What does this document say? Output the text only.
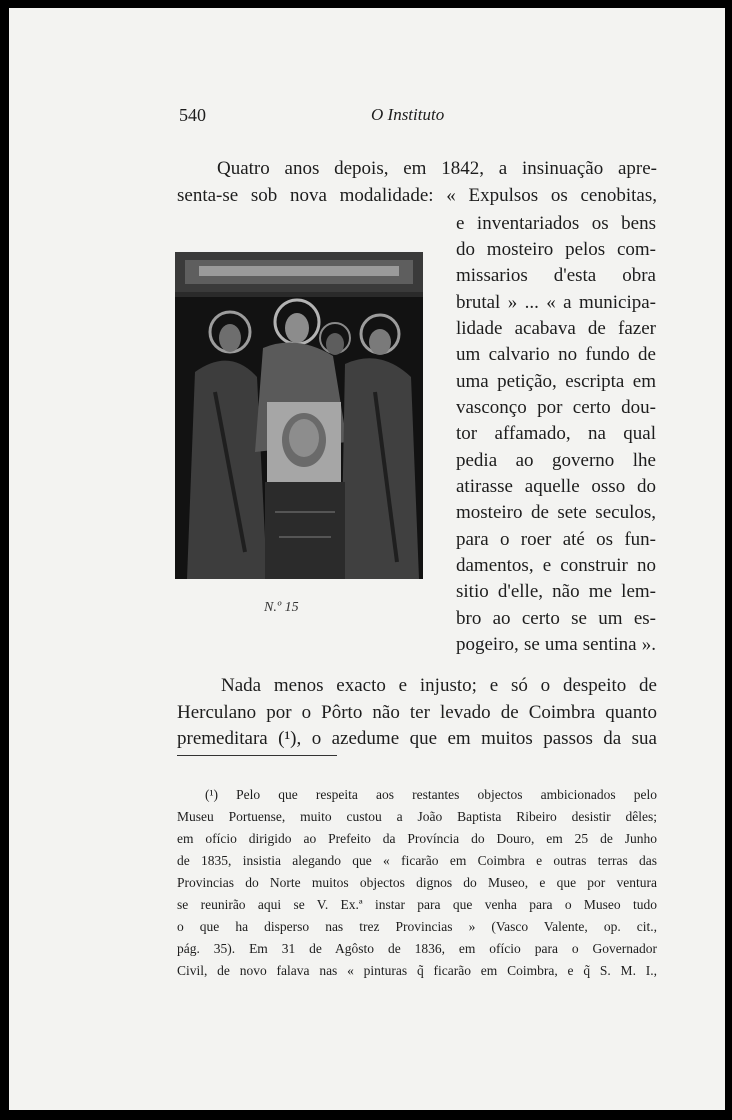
540	O Instituto
Quatro anos depois, em 1842, a insinuação apre-
senta-se sob nova modalidade: « Expulsos os cenobitas,
e inventariados os bens
do mosteiro pelos com-
missarios d'esta obra
brutal » ... « a municipa-
lidade acabava de fazer
um calvario no fundo de
uma petição, escripta em
vasconço por certo dou-
tor affamado, na qual
pedia ao governo lhe
atirasse aquelle osso do
mosteiro de sete seculos,
para o roer até os fun-
damentos, e construir no
sitio d'elle, não me lem-
bro ao certo se um es-
pogeiro, se uma sentina ».
N.º 15
Nada menos exacto e injusto; e só o despeito de
Herculano por o Pôrto não ter levado de Coimbra quanto
premeditara (¹), o azedume que em muitos passos da sua
(¹) Pelo que respeita aos restantes objectos ambicionados pelo
Museu Portuense, muito custou a João Baptista Ribeiro desistir dêles;
em ofício dirigido ao Prefeito da Província do Douro, em 25 de Junho
de 1835, insistia alegando que « ficarão em Coimbra e outras terras das
Provincias do Norte muitos objectos dignos do Museo, e que por ventura
se reunirão aqui se V. Ex.ª instar para que venha para o Museo tudo
o que ha disperso nas trez Provincias » (Vasco Valente, op. cit.,
pág. 35). Em 31 de Agôsto de 1836, em ofício para o Governador
Civil, de novo falava nas « pinturas q̃ ficarão em Coimbra, e q̃ S. M. I.,
